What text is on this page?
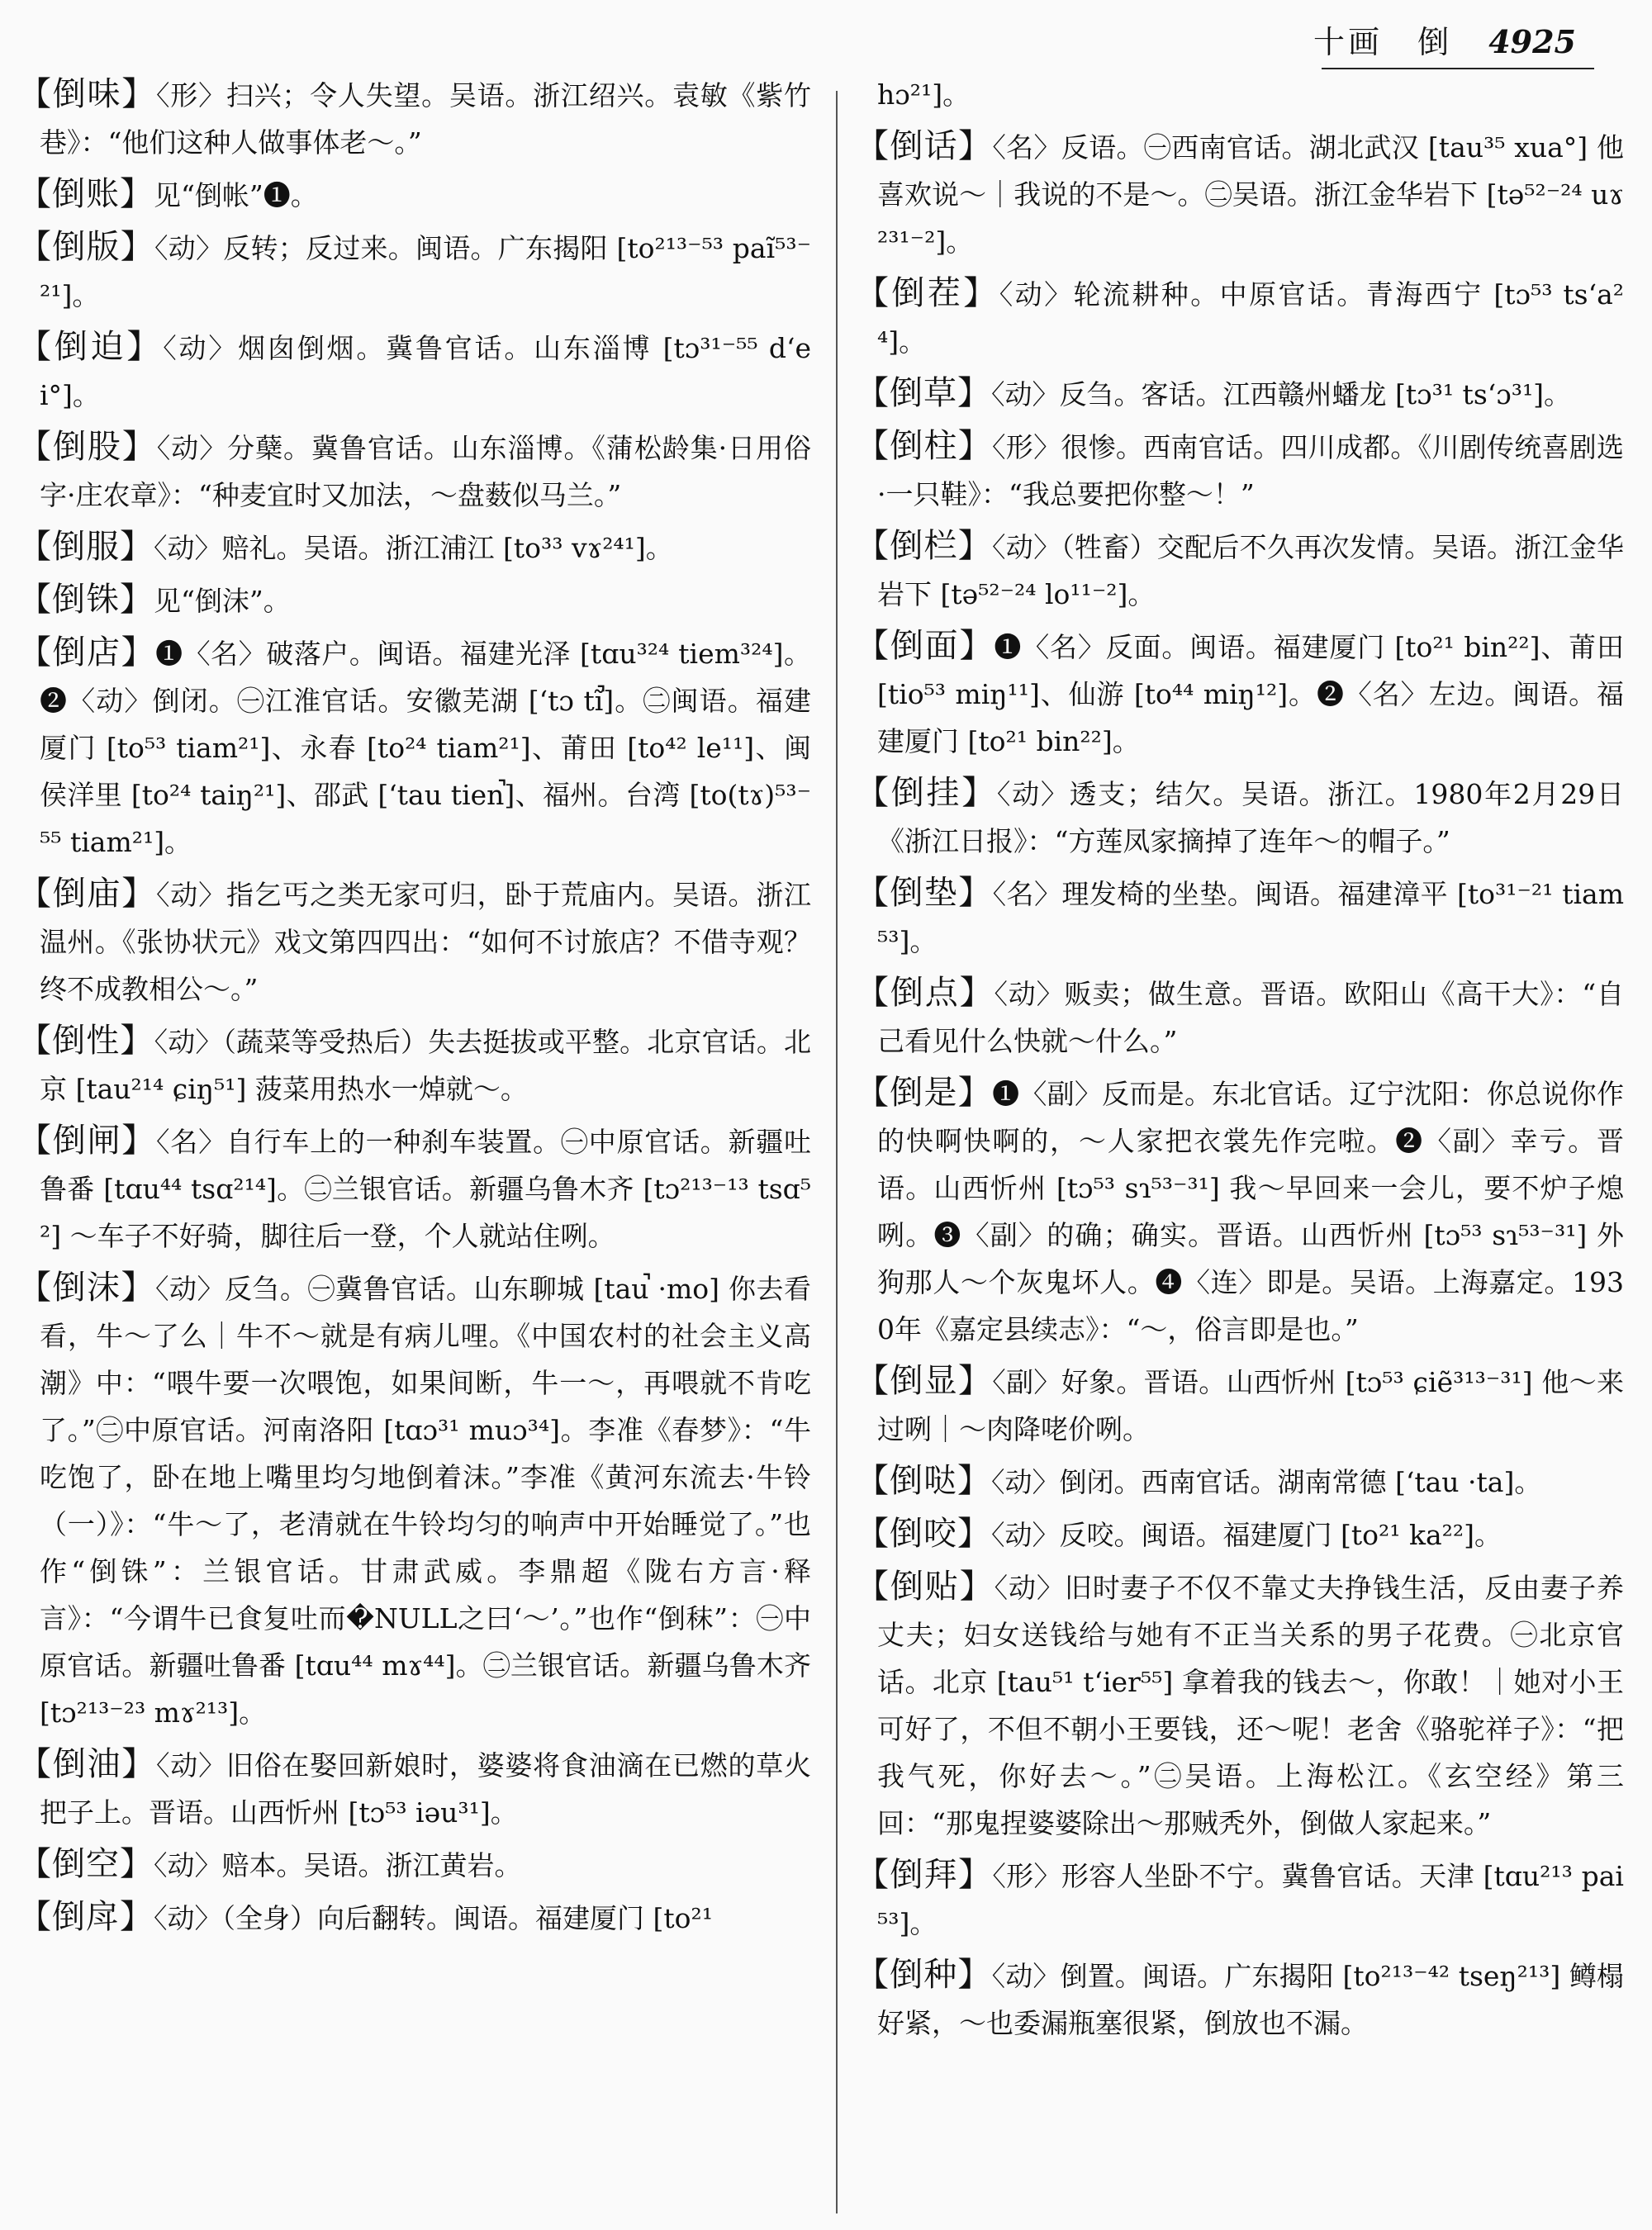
十画 倒 4925

【倒味】〈形〉扫兴；令人失望。吴语。浙江绍兴。袁敏《紫竹巷》：“他们这种人做事体老～。”

【倒账】见“倒帐”❶。

【倒版】〈动〉反转；反过来。闽语。广东揭阳 [to²¹³⁻⁵³ paĩ⁵³⁻²¹]。

【倒迫】〈动〉烟囱倒烟。冀鲁官话。山东淄博 [tɔ³¹⁻⁵⁵ dʻei°]。

【倒股】〈动〉分蘖。冀鲁官话。山东淄博。《蒲松龄集·日用俗字·庄农章》：“种麦宜时又加法，～盘薮似马兰。”

【倒服】〈动〉赔礼。吴语。浙江浦江 [to³³ vɤ²⁴¹]。

【倒铢】见“倒沫”。

【倒店】❶〈名〉破落户。闽语。福建光泽 [tɑu³²⁴ tiem³²⁴]。❷〈动〉倒闭。㊀江淮官话。安徽芜湖 [ʻtɔ tĩ̚]。㊁闽语。福建厦门 [to⁵³ tiam²¹]、永春 [to²⁴ tiam²¹]、莆田 [to⁴² le¹¹]、闽侯洋里 [to²⁴ taiŋ²¹]、邵武 [ʻtau tien̚]、福州。台湾 [to(tɤ)⁵³⁻⁵⁵ tiam²¹]。

【倒庙】〈动〉指乞丐之类无家可归，卧于荒庙内。吴语。浙江温州。《张协状元》戏文第四四出：“如何不讨旅店？不借寺观？终不成教相公～。”

【倒性】〈动〉（蔬菜等受热后）失去挺拔或平整。北京官话。北京 [tau²¹⁴ ɕiŋ⁵¹] 菠菜用热水一焯就～。

【倒闸】〈名〉自行车上的一种刹车装置。㊀中原官话。新疆吐鲁番 [tɑu⁴⁴ tsɑ²¹⁴]。㊁兰银官话。新疆乌鲁木齐 [tɔ²¹³⁻¹³ tsɑ⁵²] ～车子不好骑，脚往后一登，个人就站住咧。

【倒沫】〈动〉反刍。㊀冀鲁官话。山东聊城 [tau̚ ·mo] 你去看看，牛～了么｜牛不～就是有病儿哩。《中国农村的社会主义高潮》中：“喂牛要一次喂饱，如果间断，牛一～，再喂就不肯吃了。”㊁中原官话。河南洛阳 [tɑɔ³¹ muɔ³⁴]。李准《春梦》：“牛吃饱了，卧在地上嘴里均匀地倒着沫。”李准《黄河东流去·牛铃（一）》：“牛～了，老清就在牛铃均匀的响声中开始睡觉了。”也作“倒铢”：兰银官话。甘肃武威。李鼎超《陇右方言·释言》：“今谓牛已食复吐而�NULL之曰‘～’。”也作“倒秣”：㊀中原官话。新疆吐鲁番 [tɑu⁴⁴ mɤ⁴⁴]。㊁兰银官话。新疆乌鲁木齐 [tɔ²¹³⁻²³ mɤ²¹³]。

【倒油】〈动〉旧俗在娶回新娘时，婆婆将食油滴在已燃的草火把子上。晋语。山西忻州 [tɔ⁵³ iəu³¹]。

【倒空】〈动〉赔本。吴语。浙江黄岩。

【倒戽】〈动〉（全身）向后翻转。闽语。福建厦门 [to²¹

hɔ²¹]。

【倒话】〈名〉反语。㊀西南官话。湖北武汉 [tau³⁵ xua°] 他喜欢说～｜我说的不是～。㊁吴语。浙江金华岩下 [tə⁵²⁻²⁴ uɤ²³¹⁻²]。

【倒茬】〈动〉轮流耕种。中原官话。青海西宁 [tɔ⁵³ tsʻa²⁴]。

【倒草】〈动〉反刍。客话。江西赣州蟠龙 [tɔ³¹ tsʻɔ³¹]。

【倒柱】〈形〉很惨。西南官话。四川成都。《川剧传统喜剧选·一只鞋》：“我总要把你整～！”

【倒栏】〈动〉（牲畜）交配后不久再次发情。吴语。浙江金华岩下 [tə⁵²⁻²⁴ lo¹¹⁻²]。

【倒面】❶〈名〉反面。闽语。福建厦门 [to²¹ bin²²]、莆田 [tio⁵³ miŋ¹¹]、仙游 [to⁴⁴ miŋ¹²]。❷〈名〉左边。闽语。福建厦门 [to²¹ bin²²]。

【倒挂】〈动〉透支；结欠。吴语。浙江。1980年2月29日《浙江日报》：“方莲凤家摘掉了连年～的帽子。”

【倒垫】〈名〉理发椅的坐垫。闽语。福建漳平 [to³¹⁻²¹ tiam⁵³]。

【倒点】〈动〉贩卖；做生意。晋语。欧阳山《高干大》：“自己看见什么快就～什么。”

【倒是】❶〈副〉反而是。东北官话。辽宁沈阳：你总说你作的快啊快啊的，～人家把衣裳先作完啦。❷〈副〉幸亏。晋语。山西忻州 [tɔ⁵³ sɿ⁵³⁻³¹] 我～早回来一会儿，要不炉子熄咧。❸〈副〉的确；确实。晋语。山西忻州 [tɔ⁵³ sɿ⁵³⁻³¹] 外狗那人～个灰鬼坏人。❹〈连〉即是。吴语。上海嘉定。1930年《嘉定县续志》：“～，俗言即是也。”

【倒显】〈副〉好象。晋语。山西忻州 [tɔ⁵³ ɕiẽ³¹³⁻³¹] 他～来过咧｜～肉降咾价咧。

【倒哒】〈动〉倒闭。西南官话。湖南常德 [ʻtau ·ta]。

【倒咬】〈动〉反咬。闽语。福建厦门 [to²¹ ka²²]。

【倒贴】〈动〉旧时妻子不仅不靠丈夫挣钱生活，反由妻子养丈夫；妇女送钱给与她有不正当关系的男子花费。㊀北京官话。北京 [tau⁵¹ tʻier⁵⁵] 拿着我的钱去～，你敢！｜她对小王可好了，不但不朝小王要钱，还～呢！老舍《骆驼祥子》：“把我气死，你好去～。”㊁吴语。上海松江。《玄空经》第三回：“那鬼捏婆婆除出～那贼秃外，倒做人家起来。”

【倒拜】〈形〉形容人坐卧不宁。冀鲁官话。天津 [tɑu²¹³ pai⁵³]。

【倒种】〈动〉倒置。闽语。广东揭阳 [to²¹³⁻⁴² tseŋ²¹³] 鳟榻好紧，～也委漏瓶塞很紧，倒放也不漏。
